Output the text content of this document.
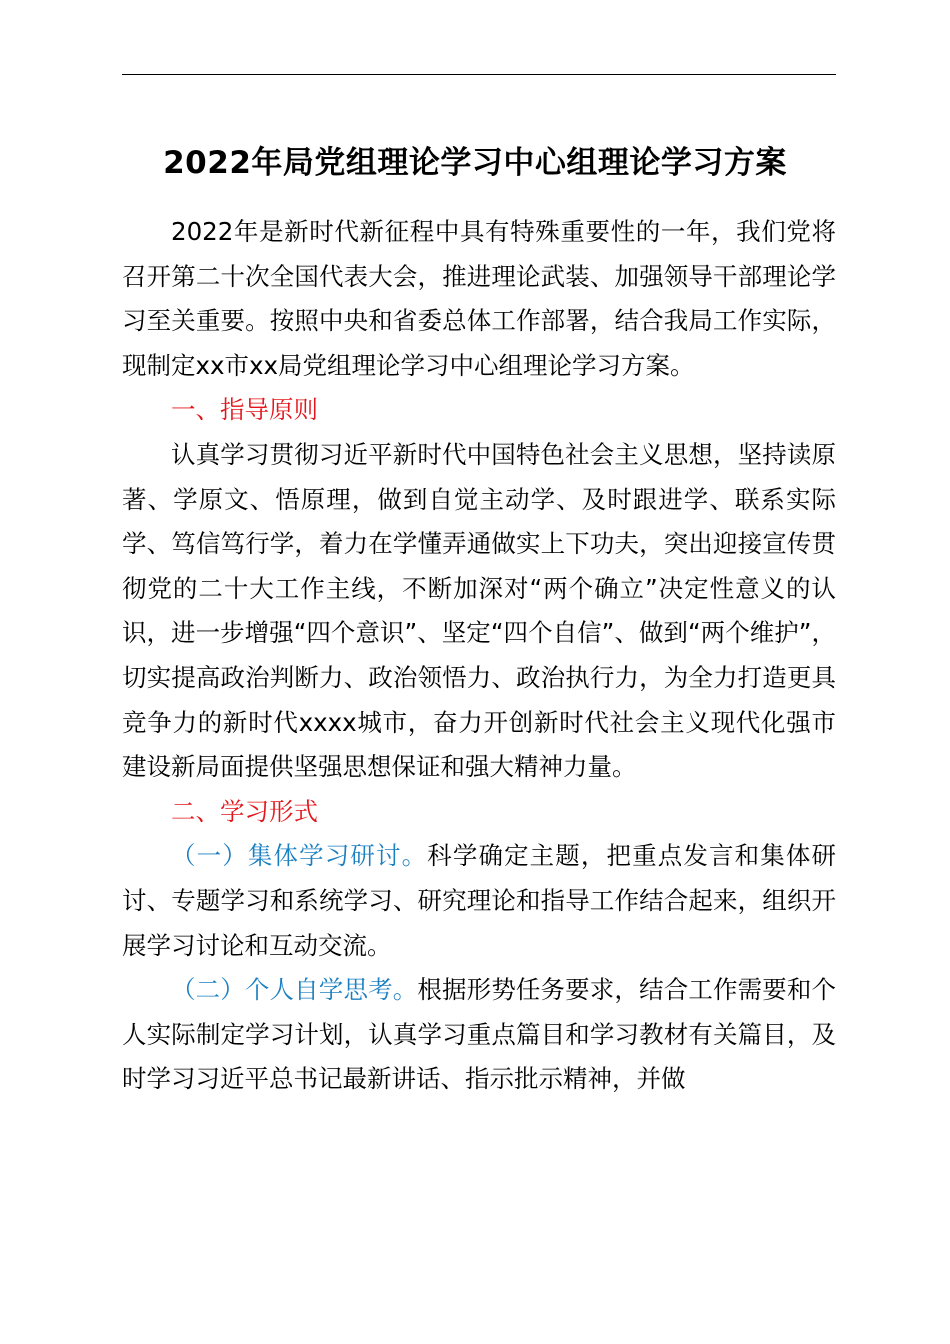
2022年局党组理论学习中心组理论学习方案

2022年是新时代新征程中具有特殊重要性的一年，我们党将召开第二十次全国代表大会，推进理论武装、加强领导干部理论学习至关重要。按照中央和省委总体工作部署，结合我局工作实际，现制定xx市xx局党组理论学习中心组理论学习方案。

一、指导原则

认真学习贯彻习近平新时代中国特色社会主义思想，坚持读原著、学原文、悟原理，做到自觉主动学、及时跟进学、联系实际学、笃信笃行学，着力在学懂弄通做实上下功夫，突出迎接宣传贯彻党的二十大工作主线，不断加深对“两个确立”决定性意义的认识，进一步增强“四个意识”、坚定“四个自信”、做到“两个维护”，切实提高政治判断力、政治领悟力、政治执行力，为全力打造更具竞争力的新时代xxxx城市，奋力开创新时代社会主义现代化强市建设新局面提供坚强思想保证和强大精神力量。

二、学习形式

（一）集体学习研讨。科学确定主题，把重点发言和集体研讨、专题学习和系统学习、研究理论和指导工作结合起来，组织开展学习讨论和互动交流。

（二）个人自学思考。根据形势任务要求，结合工作需要和个人实际制定学习计划，认真学习重点篇目和学习教材有关篇目，及时学习习近平总书记最新讲话、指示批示精神，并做
